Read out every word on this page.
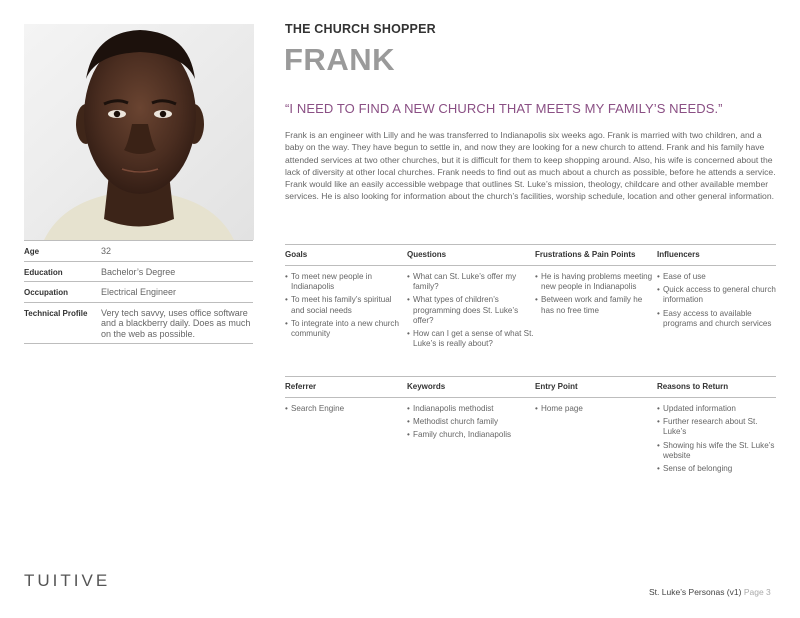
Age	32
Education	Bachelor’s Degree
Occupation	Electrical Engineer
Technical Profile	Very tech savvy, uses office software and a blackberry daily. Does as much on the web as possible.
THE CHURCH SHOPPER
FRANK
“I NEED TO FIND A NEW CHURCH THAT MEETS MY FAMILY’S NEEDS.”
Frank is an engineer with Lilly and he was transferred to Indianapolis six weeks ago. Frank is married with two children, and a baby on the way. They have begun to settle in, and now they are looking for a new church to attend. Frank and his family have attended services at two other churches, but it is difficult for them to keep shopping around. Also, his wife is concerned about the lack of diversity at other local churches. Frank needs to find out as much about a church as possible, before he attends a service. Frank would like an easily accessible webpage that outlines St. Luke’s mission, theology, childcare and other available member services. He is also looking for information about the church’s facilities, worship schedule, location and other general information.
Goals
• To meet new people in Indianapolis
• To meet his family’s spiritual and social needs
• To integrate into a new church community
Questions
• What can St. Luke’s offer my family?
• What types of children’s programming does St. Luke’s offer?
• How can I get a sense of what St. Luke’s is really about?
Frustrations & Pain Points
• He is having problems meeting new people in Indianapolis
• Between work and family he has no free time
Influencers
• Ease of use
• Quick access to general church information
• Easy access to available programs and church services
Referrer
• Search Engine
Keywords
• Indianapolis methodist
• Methodist church family
• Family church, Indianapolis
Entry Point
• Home page
Reasons to Return
• Updated information
• Further research about St. Luke’s
• Showing his wife the St. Luke’s website
• Sense of belonging
TUITIVE
St. Luke’s Personas (v1) Page 3
